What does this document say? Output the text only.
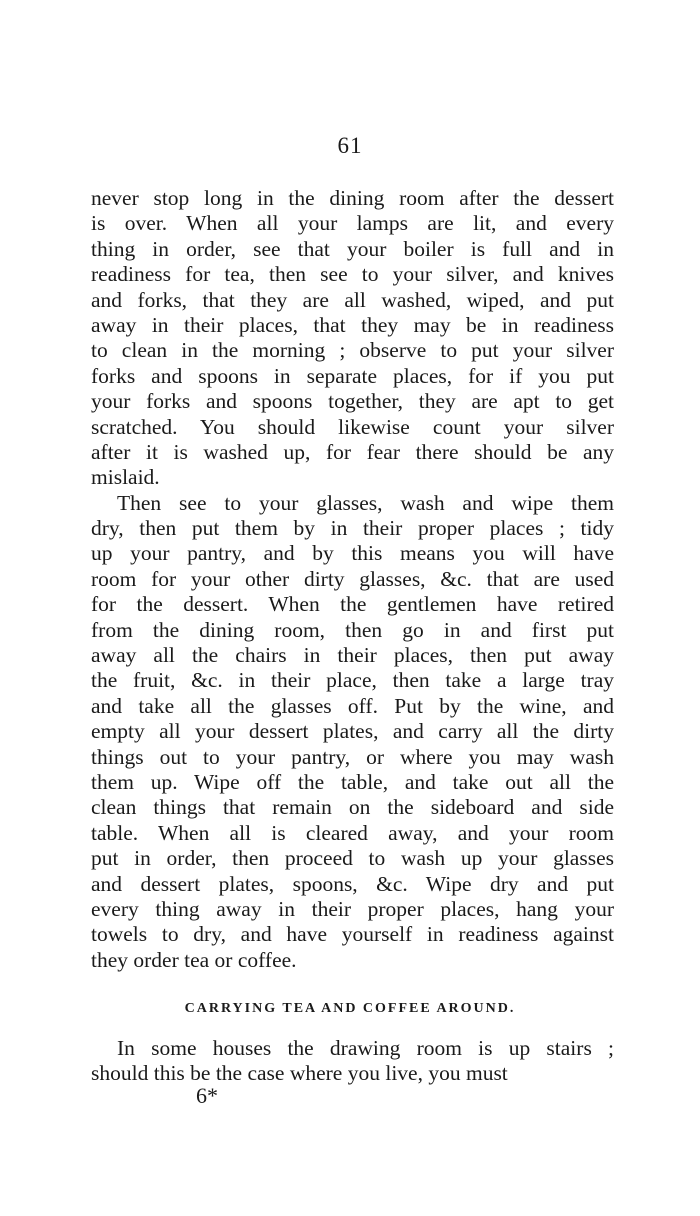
61
never stop long in the dining room after the dessert
is over. When all your lamps are lit, and every
thing in order, see that your boiler is full and in
readiness for tea, then see to your silver, and knives
and forks, that they are all washed, wiped, and put
away in their places, that they may be in readiness
to clean in the morning ; observe to put your silver
forks and spoons in separate places, for if you put
your forks and spoons together, they are apt to get
scratched. You should likewise count your silver
after it is washed up, for fear there should be any
mislaid.
Then see to your glasses, wash and wipe them
dry, then put them by in their proper places ; tidy
up your pantry, and by this means you will have
room for your other dirty glasses, &c. that are used
for the dessert. When the gentlemen have retired
from the dining room, then go in and first put
away all the chairs in their places, then put away
the fruit, &c. in their place, then take a large tray
and take all the glasses off. Put by the wine, and
empty all your dessert plates, and carry all the dirty
things out to your pantry, or where you may wash
them up. Wipe off the table, and take out all the
clean things that remain on the sideboard and side
table. When all is cleared away, and your room
put in order, then proceed to wash up your glasses
and dessert plates, spoons, &c. Wipe dry and put
every thing away in their proper places, hang your
towels to dry, and have yourself in readiness against
they order tea or coffee.
CARRYING TEA AND COFFEE AROUND.
In some houses the drawing room is up stairs ;
should this be the case where you live, you must
6*
